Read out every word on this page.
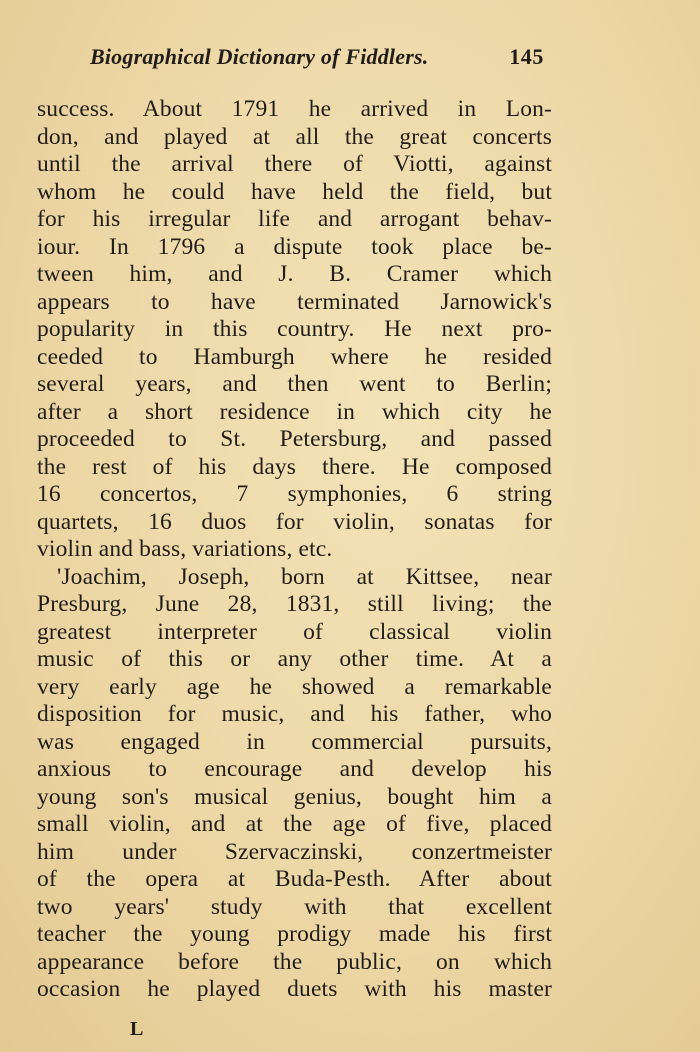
Biographical Dictionary of Fiddlers.	145
success. About 1791 he arrived in Lon-
don, and played at all the great concerts
until the arrival there of Viotti, against
whom he could have held the field, but
for his irregular life and arrogant behav-
iour. In 1796 a dispute took place be-
tween him, and J. B. Cramer which
appears to have terminated Jarnowick's
popularity in this country. He next pro-
ceeded to Hamburgh where he resided
several years, and then went to Berlin;
after a short residence in which city he
proceeded to St. Petersburg, and passed
the rest of his days there. He composed
16 concertos, 7 symphonies, 6 string
quartets, 16 duos for violin, sonatas for
violin and bass, variations, etc.
'Joachim, Joseph, born at Kittsee, near
Presburg, June 28, 1831, still living; the
greatest interpreter of classical violin
music of this or any other time. At a
very early age he showed a remarkable
disposition for music, and his father, who
was engaged in commercial pursuits,
anxious to encourage and develop his
young son's musical genius, bought him a
small violin, and at the age of five, placed
him under Szervaczinski, conzertmeister
of the opera at Buda-Pesth. After about
two years' study with that excellent
teacher the young prodigy made his first
appearance before the public, on which
occasion he played duets with his master
L
